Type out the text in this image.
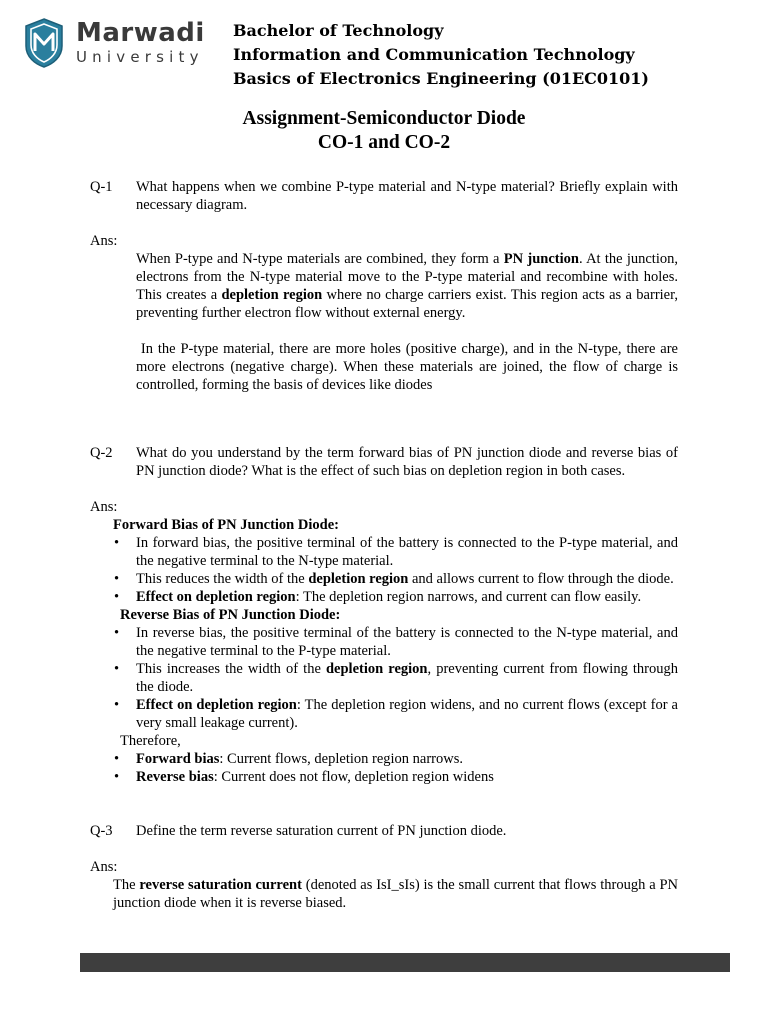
Marwadi
University
Bachelor of Technology
Information and Communication Technology
Basics of Electronics Engineering (01EC0101)
Assignment-Semiconductor Diode
CO-1 and CO-2
Q-1 What happens when we combine P-type material and N-type material? Briefly explain with necessary diagram.
Ans:
When P-type and N-type materials are combined, they form a PN junction. At the junction, electrons from the N-type material move to the P-type material and recombine with holes. This creates a depletion region where no charge carriers exist. This region acts as a barrier, preventing further electron flow without external energy.
In the P-type material, there are more holes (positive charge), and in the N-type, there are more electrons (negative charge). When these materials are joined, the flow of charge is controlled, forming the basis of devices like diodes
Q-2 What do you understand by the term forward bias of PN junction diode and reverse bias of PN junction diode? What is the effect of such bias on depletion region in both cases.
Ans:
Forward Bias of PN Junction Diode:
• In forward bias, the positive terminal of the battery is connected to the P-type material, and the negative terminal to the N-type material.
• This reduces the width of the depletion region and allows current to flow through the diode.
• Effect on depletion region: The depletion region narrows, and current can flow easily.
Reverse Bias of PN Junction Diode:
• In reverse bias, the positive terminal of the battery is connected to the N-type material, and the negative terminal to the P-type material.
• This increases the width of the depletion region, preventing current from flowing through the diode.
• Effect on depletion region: The depletion region widens, and no current flows (except for a very small leakage current).
Therefore,
• Forward bias: Current flows, depletion region narrows.
• Reverse bias: Current does not flow, depletion region widens
Q-3 Define the term reverse saturation current of PN junction diode.
Ans:
The reverse saturation current (denoted as IsI_sIs) is the small current that flows through a PN junction diode when it is reverse biased.
